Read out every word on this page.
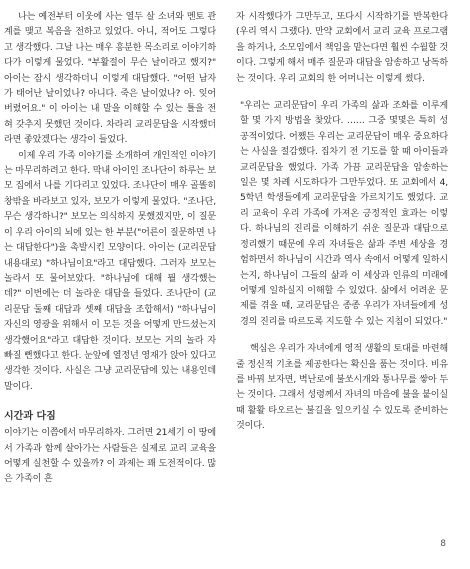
나는 예전부터 이웃에 사는 열두 살 소녀와 멘토 관계를 맺고 복음을 전하고 있었다. 아니, 적어도 그렇다고 생각했다. 그날 나는 매우 흥분한 목소리로 이야기하다가 이렇게 물었다. "부활절이 무슨 날이라고 했지?" 아이는 잠시 생각하더니 이렇게 대답했다. "어떤 남자가 태어난 날이었나? 아니다. 죽은 날이었나? 아. 잊어버렸어요." 이 아이는 내 말을 이해할 수 있는 틀을 전혀 갖추지 못했던 것이다. 차라리 교리문답을 시작했더라면 좋았겠다는 생각이 들었다.

이제 우리 가족 이야기를 소개하여 개인적인 이야기는 마무리하려고 한다. 막내 아이인 조나단이 하루는 보모 집에서 나를 기다리고 있었다. 조나단이 매우 골똘히 창밖을 바라보고 있자, 보모가 이렇게 물었다. "조나단, 무슨 생각하니?" 보모는 의식하지 못했겠지만, 이 질문이 우리 아이의 뇌에 있는 한 부분("어른이 질문하면 나는 대답한다")을 촉발시킨 모양이다. 아이는 (교리문답 내용대로) "하나님이요"라고 대답했다. 그러자 보모는 놀라서 또 물어보았다. "하나님에 대해 뭘 생각했는데?" 이번에는 더 놀라운 대답을 들었다. 조나단이 (교리문답 둘째 대답과 셋째 대답을 조합해서) "하나님이 자신의 영광을 위해서 이 모든 것을 어떻게 만드셨는지 생각했어요"라고 대답한 것이다. 보모는 거의 놀라 자빠질 뻔했다고 한다. 눈앞에 열정넌 영재가 앉아 있다고 생각한 것이다. 사실은 그냥 교리문답에 있는 내용인데 말이다.

시간과 다짐

이야기는 이쯤에서 마무리하자. 그러면 21세기 이 땅에서 가족과 함께 살아가는 사람들은 실제로 교리 교육을 어떻게 실천할 수 있을까? 이 과제는 꽤 도전적이다. 많은 가족이 흔

자 시작했다가 그만두고, 또다시 시작하기를 반복한다(우리 역시 그랬다). 만약 교회에서 교리 교육 프로그램을 하거나, 소모임에서 책임을 맡는다면 훨씬 수월할 것이다. 그렇게 해서 매주 질문과 대답을 암송하고 낭독하는 것이다. 우리 교회의 한 어머니는 이렇게 썼다.

"우리는 교리문답이 우리 가족의 삶과 조화를 이루게 할 몇 가지 방법을 찾았다. …… 그중 몇몇은 특히 성공적이었다. 어쨌든 우리는 교리문답이 매우 중요하다는 사실을 절감했다. 집차기 전 기도를 할 때 아이들과 교리문답을 했었다. 가족 가끔 교리문답을 암송하는 일은 몇 차례 시도하다가 그만두었다. 또 교회에서 4, 5학년 학생들에게 교리문답을 가르치기도 했었다. 교리 교육이 우리 가족에 가져온 긍정적인 효과는 이렇다. 하나님의 진리를 이해하기 쉬운 질문과 대답으로 정리했기 때문에 우리 자녀들은 삶과 주변 세상을 경험하면서 하나님이 시간과 역사 속에서 어떻게 일하시는지, 하나님이 그들의 삶과 이 세상과 인류의 미래에 어떻게 일하실지 이해할 수 있었다. 삶에서 어려운 문제를 겪을 때, 교리문답은 종종 우리가 자녀들에게 성경의 진리를 따르도록 지도할 수 있는 지침이 되었다."

핵심은 우리가 자녀에게 영적 생활의 토대를 마련해 줄 정신적 기초를 제공한다는 확신을 품는 것이다. 비유를 바꿔 보자면, 벽난로에 불쏘시개와 통나무를 쌓아 두는 것이다. 그래서 성령께서 자녀의 마음에 불을 붙이실 때 활활 타오르는 불길을 일으키실 수 있도록 준비하는 것이다.

8
